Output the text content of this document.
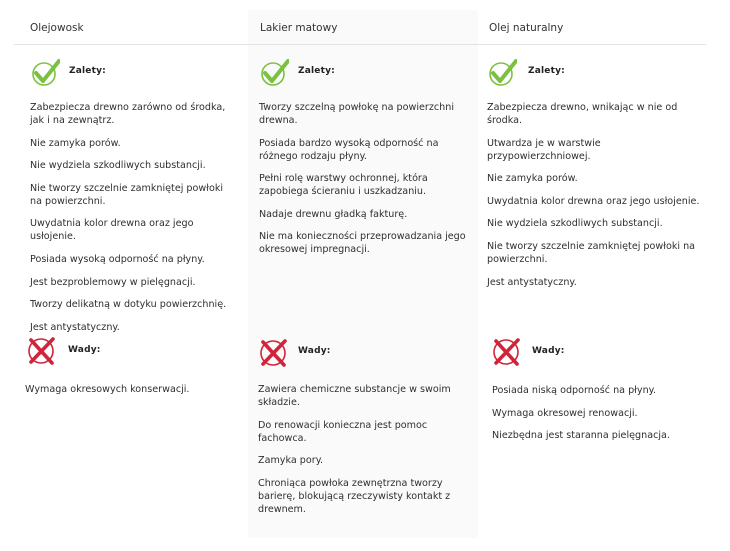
Olejowosk	Lakier matowy	Olej naturalny
Zalety:

Zabezpiecza drewno zarówno od środka, jak i na zewnątrz.

Nie zamyka porów.

Nie wydziela szkodliwych substancji.

Nie tworzy szczelnie zamkniętej powłoki na powierzchni.

Uwydatnia kolor drewna oraz jego usłojenie.

Posiada wysoką odporność na płyny.

Jest bezproblemowy w pielęgnacji.

Tworzy delikatną w dotyku powierzchnię.

Jest antystatyczny.

Wady:

Wymaga okresowych konserwacji.

Zalety:

Tworzy szczelną powłokę na powierzchni drewna.

Posiada bardzo wysoką odporność na różnego rodzaju płyny.

Pełni rolę warstwy ochronnej, która zapobiega ścieraniu i uszkadzaniu.

Nadaje drewnu gładką fakturę.

Nie ma konieczności przeprowadzania jego okresowej impregnacji.

Wady:

Zawiera chemiczne substancje w swoim składzie.

Do renowacji konieczna jest pomoc fachowca.

Zamyka pory.

Chroniąca powłoka zewnętrzna tworzy barierę, blokującą rzeczywisty kontakt z drewnem.

Zalety:

Zabezpiecza drewno, wnikając w nie od środka.

Utwardza je w warstwie przypowierzchniowej.

Nie zamyka porów.

Uwydatnia kolor drewna oraz jego usłojenie.

Nie wydziela szkodliwych substancji.

Nie tworzy szczelnie zamkniętej powłoki na powierzchni.

Jest antystatyczny.

Wady:

Posiada niską odporność na płyny.

Wymaga okresowej renowacji.

Niezbędna jest staranna pielęgnacja.
